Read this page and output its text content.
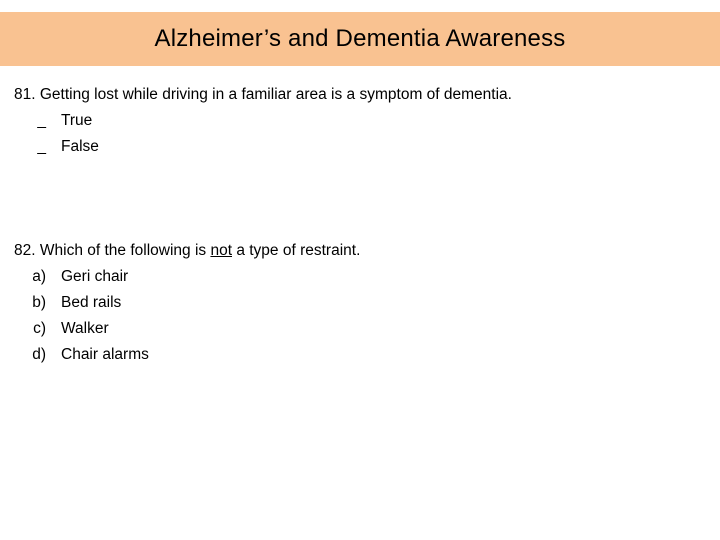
Alzheimer’s and Dementia Awareness
81. Getting lost while driving in a familiar area is a symptom of dementia.
_ True
_ False
82. Which of the following is not a type of restraint.
a) Geri chair
b) Bed rails
c) Walker
d) Chair alarms
